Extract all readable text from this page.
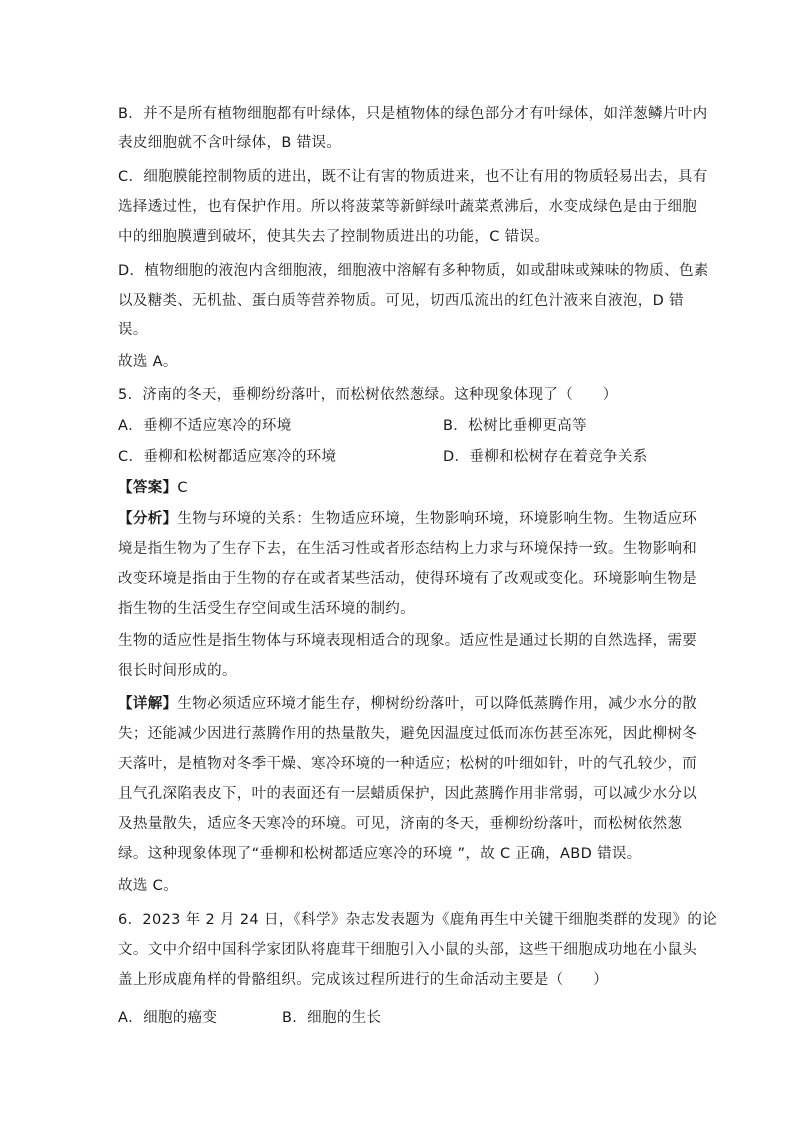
B．并不是所有植物细胞都有叶绿体，只是植物体的绿色部分才有叶绿体，如洋葱鳞片叶内
表皮细胞就不含叶绿体，B 错误。
C．细胞膜能控制物质的进出，既不让有害的物质进来，也不让有用的物质轻易出去，具有
选择透过性，也有保护作用。所以将菠菜等新鲜绿叶蔬菜煮沸后，水变成绿色是由于细胞
中的细胞膜遭到破坏，使其失去了控制物质进出的功能，C 错误。
D．植物细胞的液泡内含细胞液，细胞液中溶解有多种物质，如或甜味或辣味的物质、色素
以及糖类、无机盐、蛋白质等营养物质。可见，切西瓜流出的红色汁液来自液泡，D 错
误。
故选 A。
5．济南的冬天，垂柳纷纷落叶，而松树依然葱绿。这种现象体现了（　　）
A．垂柳不适应寒冷的环境	B．松树比垂柳更高等
C．垂柳和松树都适应寒冷的环境	D．垂柳和松树存在着竞争关系
【答案】C
【分析】生物与环境的关系：生物适应环境，生物影响环境，环境影响生物。生物适应环
境是指生物为了生存下去，在生活习性或者形态结构上力求与环境保持一致。生物影响和
改变环境是指由于生物的存在或者某些活动，使得环境有了改观或变化。环境影响生物是
指生物的生活受生存空间或生活环境的制约。
生物的适应性是指生物体与环境表现相适合的现象。适应性是通过长期的自然选择，需要
很长时间形成的。
【详解】生物必须适应环境才能生存，柳树纷纷落叶，可以降低蒸腾作用，减少水分的散
失；还能减少因进行蒸腾作用的热量散失，避免因温度过低而冻伤甚至冻死，因此柳树冬
天落叶，是植物对冬季干燥、寒冷环境的一种适应；松树的叶细如针，叶的气孔较少，而
且气孔深陷表皮下，叶的表面还有一层蜡质保护，因此蒸腾作用非常弱，可以减少水分以
及热量散失，适应冬天寒冷的环境。可见，济南的冬天，垂柳纷纷落叶，而松树依然葱
绿。这种现象体现了“垂柳和松树都适应寒冷的环境 ”，故 C 正确，ABD 错误。
故选 C。
6．2023 年 2 月 24 日，《科学》杂志发表题为《鹿角再生中关键干细胞类群的发现》的论
文。文中介绍中国科学家团队将鹿茸干细胞引入小鼠的头部，这些干细胞成功地在小鼠头
盖上形成鹿角样的骨骼组织。完成该过程所进行的生命活动主要是（　　）
A．细胞的癌变	B．细胞的生长
